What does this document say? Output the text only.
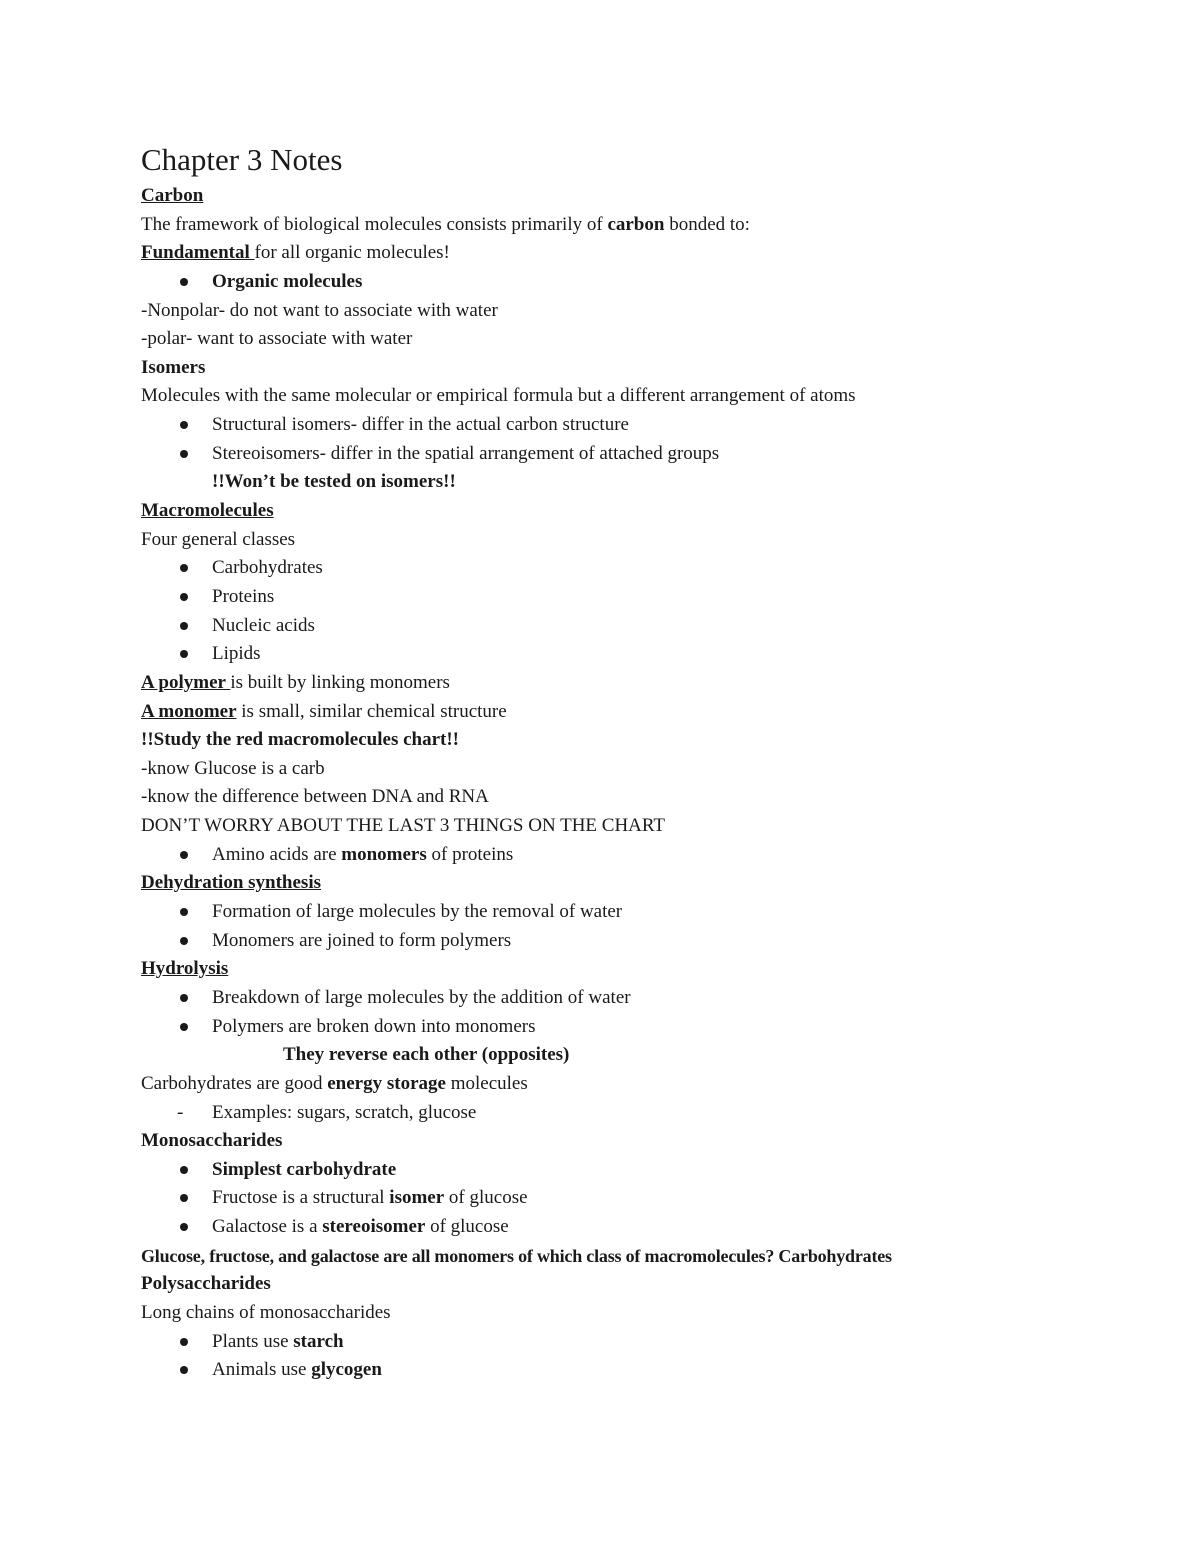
Chapter 3 Notes
Carbon
The framework of biological molecules consists primarily of carbon bonded to:
Fundamental for all organic molecules!
Organic molecules
-Nonpolar- do not want to associate with water
-polar- want to associate with water
Isomers
Molecules with the same molecular or empirical formula but a different arrangement of atoms
Structural isomers- differ in the actual carbon structure
Stereoisomers- differ in the spatial arrangement of attached groups
!!Won’t be tested on isomers!!
Macromolecules
Four general classes
Carbohydrates
Proteins
Nucleic acids
Lipids
A polymer is built by linking monomers
A monomer is small, similar chemical structure
!!Study the red macromolecules chart!!
-know Glucose is a carb
-know the difference between DNA and RNA
DON’T WORRY ABOUT THE LAST 3 THINGS ON THE CHART
Amino acids are monomers of proteins
Dehydration synthesis
Formation of large molecules by the removal of water
Monomers are joined to form polymers
Hydrolysis
Breakdown of large molecules by the addition of water
Polymers are broken down into monomers
They reverse each other (opposites)
Carbohydrates are good energy storage molecules
- Examples: sugars, scratch, glucose
Monosaccharides
Simplest carbohydrate
Fructose is a structural isomer of glucose
Galactose is a stereoisomer of glucose
Glucose, fructose, and galactose are all monomers of which class of macromolecules? Carbohydrates
Polysaccharides
Long chains of monosaccharides
Plants use starch
Animals use glycogen
